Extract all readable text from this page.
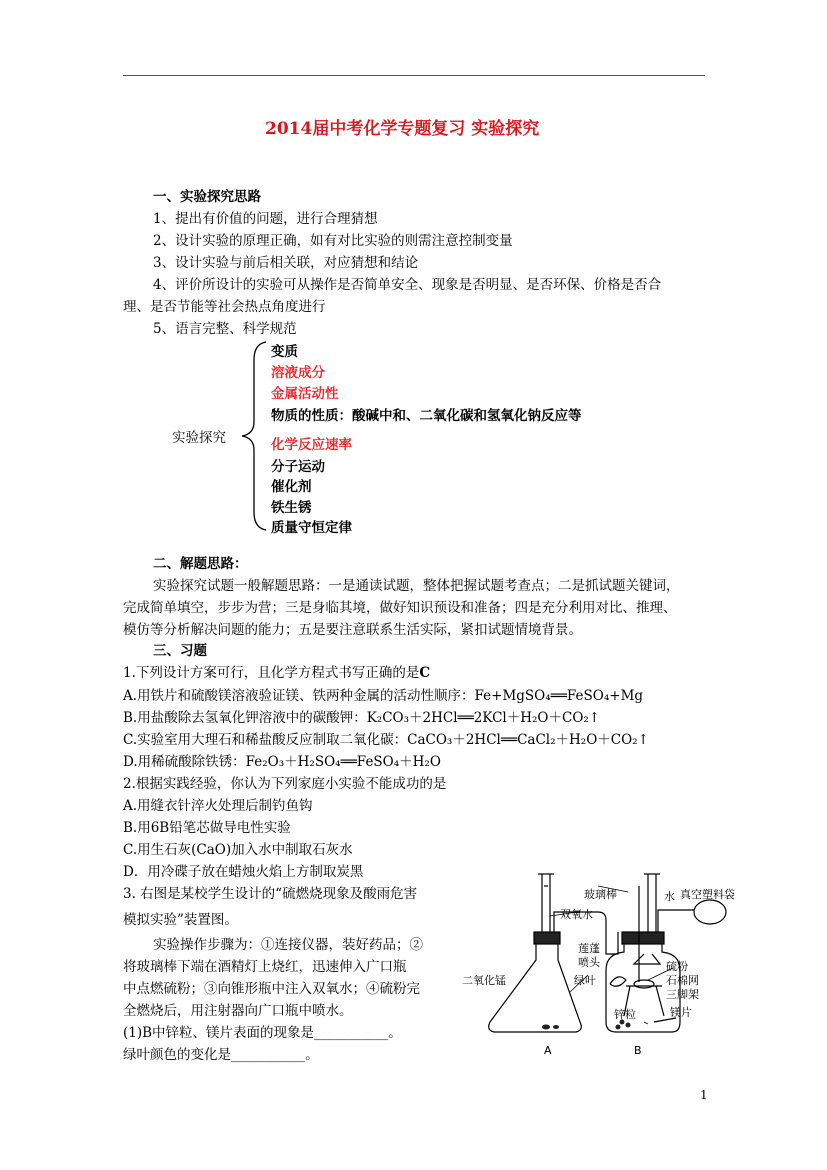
2014届中考化学专题复习 实验探究
一、实验探究思路
1、提出有价值的问题，进行合理猜想
2、设计实验的原理正确，如有对比实验的则需注意控制变量
3、设计实验与前后相关联，对应猜想和结论
4、评价所设计的实验可从操作是否简单安全、现象是否明显、是否环保、价格是否合
理、是否节能等社会热点角度进行
5、语言完整、科学规范
实验探究
变质
溶液成分
金属活动性
物质的性质：酸碱中和、二氧化碳和氢氧化钠反应等
化学反应速率
分子运动
催化剂
铁生锈
质量守恒定律
二、解题思路：
实验探究试题一般解题思路：一是通读试题，整体把握试题考查点；二是抓试题关键词，
完成简单填空，步步为营；三是身临其境，做好知识预设和准备；四是充分利用对比、推理、
模仿等分析解决问题的能力；五是要注意联系生活实际，紧扣试题情境背景。
三、习题
1.下列设计方案可行，且化学方程式书写正确的是C
A.用铁片和硫酸镁溶液验证镁、铁两种金属的活动性顺序：Fe+MgSO₄══FeSO₄+Mg
B.用盐酸除去氢氧化钾溶液中的碳酸钾：K₂CO₃＋2HCl══2KCl＋H₂O＋CO₂↑
C.实验室用大理石和稀盐酸反应制取二氧化碳：CaCO₃＋2HCl══CaCl₂＋H₂O＋CO₂↑
D.用稀硫酸除铁锈：Fe₂O₃＋H₂SO₄══FeSO₄＋H₂O
2.根据实践经验，你认为下列家庭小实验不能成功的是
A.用缝衣针淬火处理后制钓鱼钩
B.用6B铅笔芯做导电性实验
C.用生石灰(CaO)加入水中制取石灰水
D．用冷碟子放在蜡烛火焰上方制取炭黑
3. 右图是某校学生设计的“硫燃烧现象及酸雨危害
模拟实验”装置图。
实验操作步骤为：①连接仪器，装好药品；②
将玻璃棒下端在酒精灯上烧红，迅速伸入广口瓶
中点燃硫粉；③向锥形瓶中注入双氧水；④硫粉完
全燃烧后，用注射器向广口瓶中喷水。
(1)B中锌粒、镁片表面的现象是___________。
绿叶颜色的变化是___________。
玻璃棒	水 真空塑料袋
双氧水
莲蓬
喷头
二氧化锰	绿叶
硫粉
石棉网
三脚架
镁片
锌粒
A	B
1
